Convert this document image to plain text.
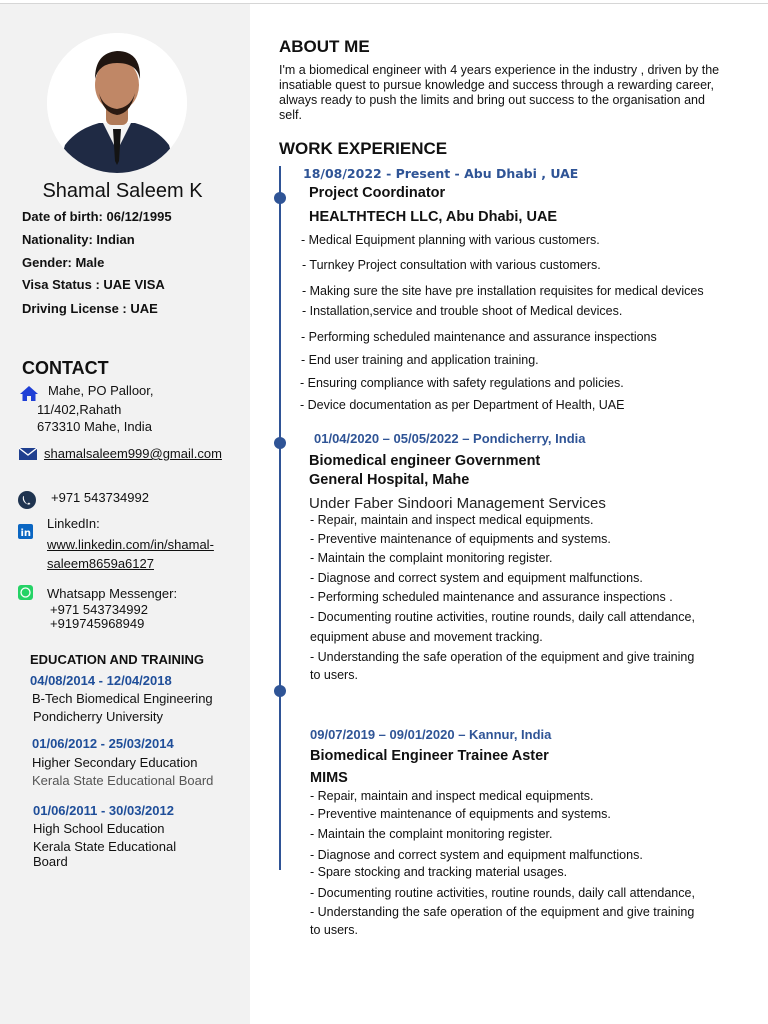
Shamal Saleem K
Date of birth: 06/12/1995
Nationality: Indian
Gender: Male
Visa Status : UAE VISA
Driving License : UAE
CONTACT
Mahe, PO Palloor,
11/402,Rahath
673310 Mahe, India
shamalsaleem999@gmail.com
+971 543734992
in
LinkedIn:
www.linkedin.com/in/shamal-
saleem8659a6127
Whatsapp Messenger:
+971 543734992
+919745968949
EDUCATION AND TRAINING
04/08/2014 - 12/04/2018
B-Tech Biomedical Engineering
Pondicherry University
01/06/2012 - 25/03/2014
Higher Secondary Education
Kerala State Educational Board
01/06/2011 - 30/03/2012
High School Education
Kerala State Educational
Board
ABOUT ME
I'm a biomedical engineer with 4 years experience in the industry , driven by the insatiable quest to pursue knowledge and success through a rewarding career, always ready to push the limits and bring out success to the organisation and self.
WORK EXPERIENCE
18/08/2022 - Present - Abu Dhabi , UAE
Project Coordinator
HEALTHTECH LLC, Abu Dhabi, UAE
- Medical Equipment planning with various customers.
- Turnkey Project consultation with various customers.
- Making sure the site have pre installation requisites for medical devices
- Installation,service and trouble shoot of Medical devices.
- Performing scheduled maintenance and assurance inspections
- End user training and application training.
- Ensuring compliance with safety regulations and policies.
- Device documentation as per Department of Health, UAE
01/04/2020 – 05/05/2022 – Pondicherry, India
Biomedical engineer Government
General Hospital, Mahe
Under Faber Sindoori Management Services
- Repair, maintain and inspect medical equipments.
- Preventive maintenance of equipments and systems.
- Maintain the complaint monitoring register.
- Diagnose and correct system and equipment malfunctions.
- Performing scheduled maintenance and assurance inspections .
- Documenting routine activities, routine rounds, daily call attendance,
equipment abuse and movement tracking.
- Understanding the safe operation of the equipment and give training
to users.
09/07/2019 – 09/01/2020 – Kannur, India
Biomedical Engineer Trainee Aster
MIMS
- Repair, maintain and inspect medical equipments.
- Preventive maintenance of equipments and systems.
- Maintain the complaint monitoring register.
- Diagnose and correct system and equipment malfunctions.
- Spare stocking and tracking material usages.
- Documenting routine activities, routine rounds, daily call attendance,
- Understanding the safe operation of the equipment and give training
to users.
